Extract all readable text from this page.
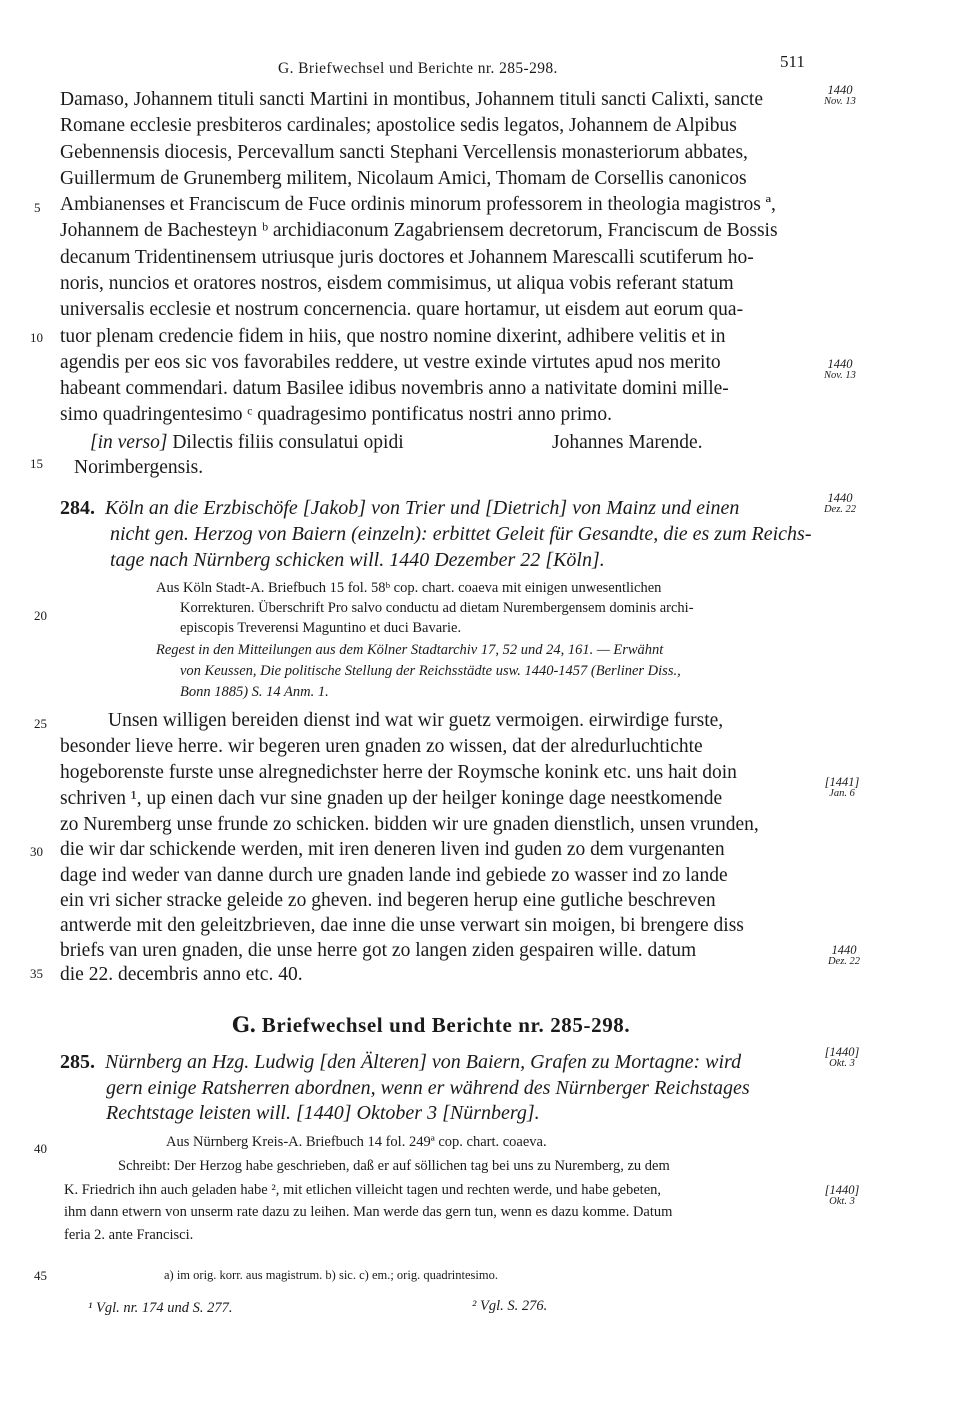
G. Briefwechsel und Berichte nr. 285-298.	511
Damaso, Johannem tituli sancti Martini in montibus, Johannem tituli sancti Calixti, sancte
Romane ecclesie presbiteros cardinales; apostolice sedis legatos, Johannem de Alpibus
Gebennensis diocesis, Percevallum sancti Stephani Vercellensis monasteriorum abbates,
Guillermum de Grunemberg militem, Nicolaum Amici, Thomam de Corsellis canonicos
Ambianenses et Franciscum de Fuce ordinis minorum professorem in theologia magistros ª,
Johannem de Bachesteyn ᵇ archidiaconum Zagabriensem decretorum, Franciscum de Bossis
decanum Tridentinensem utriusque juris doctores et Johannem Marescalli scutiferum ho-
noris, nuncios et oratores nostros, eisdem commisimus, ut aliqua vobis referant statum
universalis ecclesie et nostrum concernencia. quare hortamur, ut eisdem aut eorum qua-
tuor plenam credencie fidem in hiis, que nostro nomine dixerint, adhibere velitis et in
agendis per eos sic vos favorabiles reddere, ut vestre exinde virtutes apud nos merito
habeant commendari. datum Basilee idibus novembris anno a nativitate domini mille-
simo quadringentesimo ᶜ quadragesimo pontificatus nostri anno primo.
[in verso] Dilectis filiis consulatui opidi	Johannes Marende.
Norimbergensis.
284. Köln an die Erzbischöfe [Jakob] von Trier und [Dietrich] von Mainz und einen
nicht gen. Herzog von Baiern (einzeln): erbittet Geleit für Gesandte, die es zum Reichs-
tage nach Nürnberg schicken will. 1440 Dezember 22 [Köln].
Aus Köln Stadt-A. Briefbuch 15 fol. 58ᵇ cop. chart. coaeva mit einigen unwesentlichen
Korrekturen. Überschrift Pro salvo conductu ad dietam Nurembergensem dominis archi-
episcopis Treverensi Maguntino et duci Bavarie.
Regest in den Mitteilungen aus dem Kölner Stadtarchiv 17, 52 und 24, 161. — Erwähnt
von Keussen, Die politische Stellung der Reichsstädte usw. 1440-1457 (Berliner Diss.,
Bonn 1885) S. 14 Anm. 1.
Unsen willigen bereiden dienst ind wat wir guetz vermoigen. eirwirdige furste,
besonder lieve herre. wir begeren uren gnaden zo wissen, dat der alredurluchtichte
hogeborenste furste unse alregnedichster herre der Roymsche konink etc. uns hait doin
schriven ¹, up einen dach vur sine gnaden up der heilger koninge dage neestkomende
zo Nuremberg unse frunde zo schicken. bidden wir ure gnaden dienstlich, unsen vrunden,
die wir dar schickende werden, mit iren deneren liven ind guden zo dem vurgenanten
dage ind weder van danne durch ure gnaden lande ind gebiede zo wasser ind zo lande
ein vri sicher stracke geleide zo gheven. ind begeren herup eine gutliche beschreven
antwerde mit den geleitzbrieven, dae inne die unse verwart sin moigen, bi brengere diss
briefs van uren gnaden, die unse herre got zo langen ziden gespairen wille. datum
die 22. decembris anno etc. 40.
G. Briefwechsel und Berichte nr. 285-298.
285. Nürnberg an Hzg. Ludwig [den Älteren] von Baiern, Grafen zu Mortagne: wird
gern einige Ratsherren abordnen, wenn er während des Nürnberger Reichstages
Rechtstage leisten will. [1440] Oktober 3 [Nürnberg].
Aus Nürnberg Kreis-A. Briefbuch 14 fol. 249ª cop. chart. coaeva.
Schreibt: Der Herzog habe geschrieben, daß er auf söllichen tag bei uns zu Nuremberg, zu dem
K. Friedrich ihn auch geladen habe ², mit etlichen villeicht tagen und rechten werde, und habe gebeten,
ihm dann etwern von unserm rate dazu zu leihen. Man werde das gern tun, wenn es dazu komme. Datum
feria 2. ante Francisci.
a) im orig. korr. aus magistrum. b) sic. c) em.; orig. quadrintesimo.
¹ Vgl. nr. 174 und S. 277.	² Vgl. S. 276.
5
10
15
20
25
30
35
40
45
1440
Nov. 13
1440
Nov. 13
1440
Dez. 22
[1441]
Jan. 6
1440
Dez. 22
[1440]
Okt. 3
[1440]
Okt. 3
